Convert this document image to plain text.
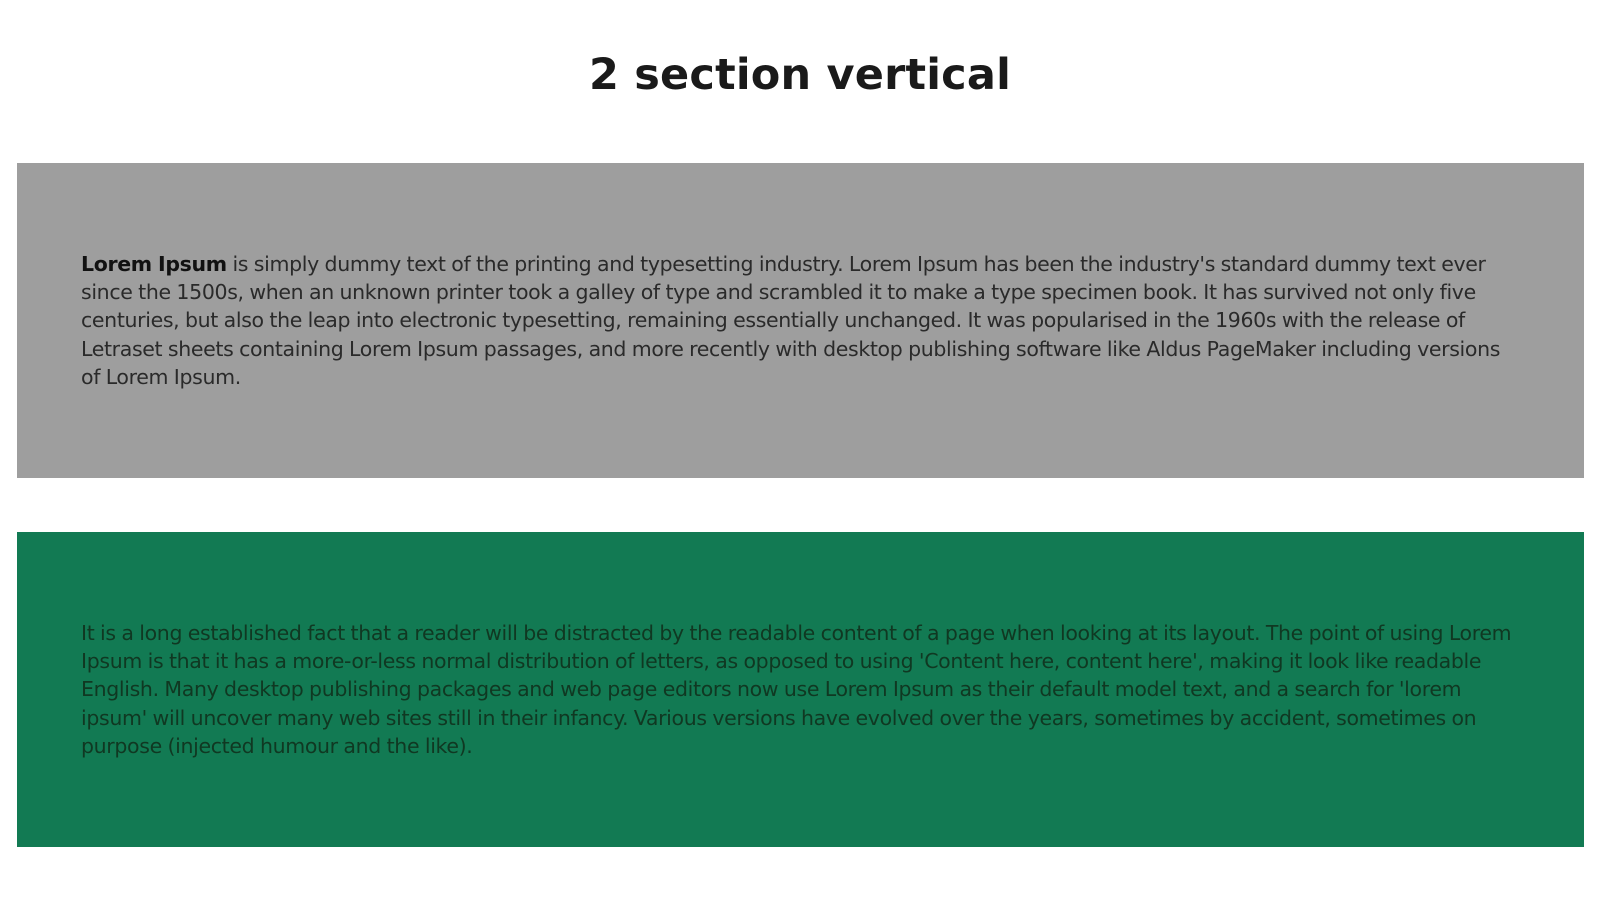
2 section vertical

Lorem Ipsum is simply dummy text of the printing and typesetting industry. Lorem Ipsum has been the industry's standard dummy text ever since the 1500s, when an unknown printer took a galley of type and scrambled it to make a type specimen book. It has survived not only five centuries, but also the leap into electronic typesetting, remaining essentially unchanged. It was popularised in the 1960s with the release of Letraset sheets containing Lorem Ipsum passages, and more recently with desktop publishing software like Aldus PageMaker including versions of Lorem Ipsum.

It is a long established fact that a reader will be distracted by the readable content of a page when looking at its layout. The point of using Lorem Ipsum is that it has a more-or-less normal distribution of letters, as opposed to using 'Content here, content here', making it look like readable English. Many desktop publishing packages and web page editors now use Lorem Ipsum as their default model text, and a search for 'lorem ipsum' will uncover many web sites still in their infancy. Various versions have evolved over the years, sometimes by accident, sometimes on purpose (injected humour and the like).
